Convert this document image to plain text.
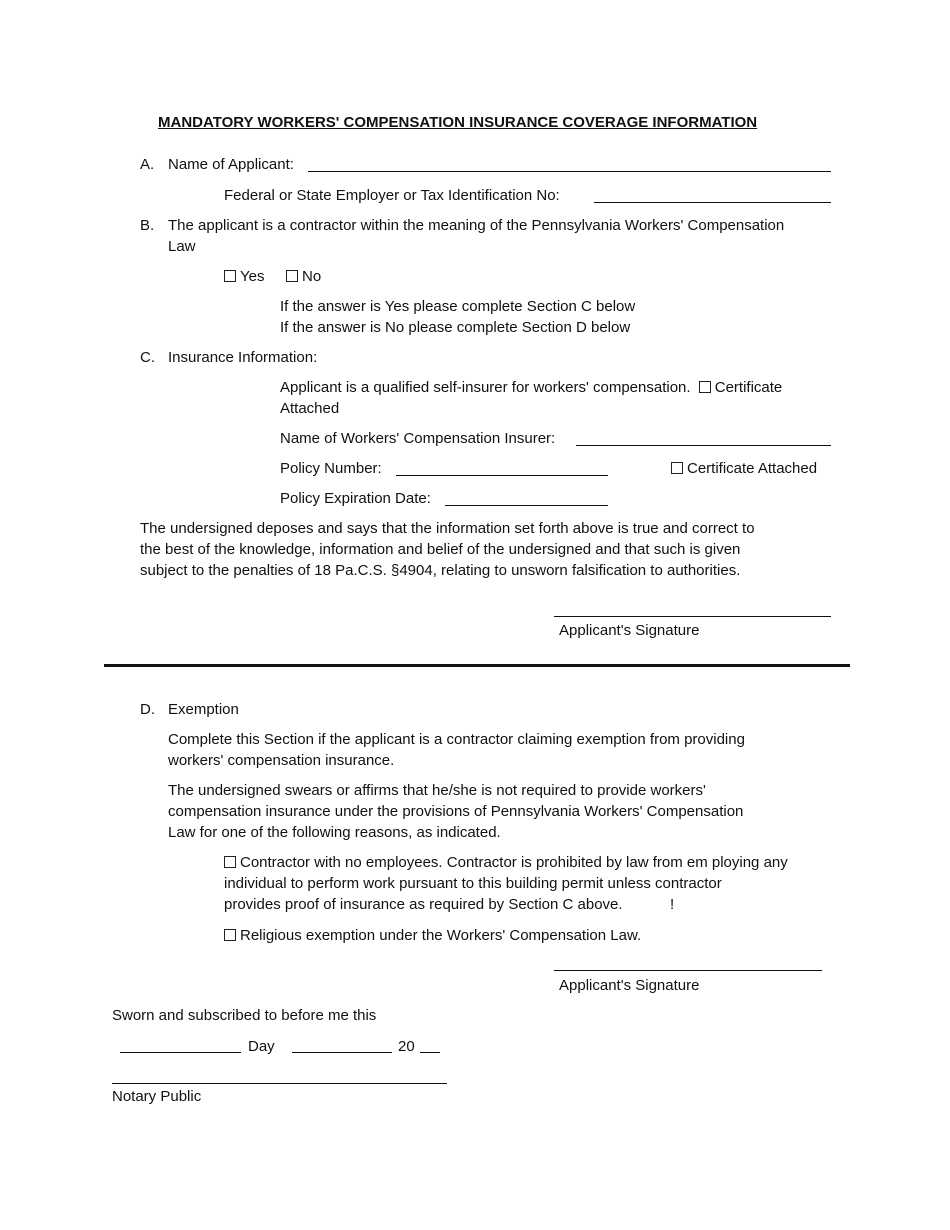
MANDATORY WORKERS' COMPENSATION INSURANCE COVERAGE INFORMATION
A. Name of Applicant:
Federal or State Employer or Tax Identification No:
B. The applicant is a contractor within the meaning of the Pennsylvania Workers' Compensation
Law
Yes	No
If the answer is Yes please complete Section C below
If the answer is No please complete Section D below
C. Insurance Information:
Applicant is a qualified self-insurer for workers' compensation. Certificate
Attached
Name of Workers' Compensation Insurer:
Policy Number:	Certificate Attached
Policy Expiration Date:
The undersigned deposes and says that the information set forth above is true and correct to
the best of the knowledge, information and belief of the undersigned and that such is given
subject to the penalties of 18 Pa.C.S. §4904, relating to unsworn falsification to authorities.
Applicant's Signature
D. Exemption
Complete this Section if the applicant is a contractor claiming exemption from providing
workers' compensation insurance.
The undersigned swears or affirms that he/she is not required to provide workers'
compensation insurance under the provisions of Pennsylvania Workers' Compensation
Law for one of the following reasons, as indicated.
Contractor with no employees. Contractor is prohibited by law from em ploying any
individual to perform work pursuant to this building permit unless contractor
provides proof of insurance as required by Section C above.	!
Religious exemption under the Workers' Compensation Law.
Applicant's Signature
Sworn and subscribed to before me this
Day	20
Notary Public
